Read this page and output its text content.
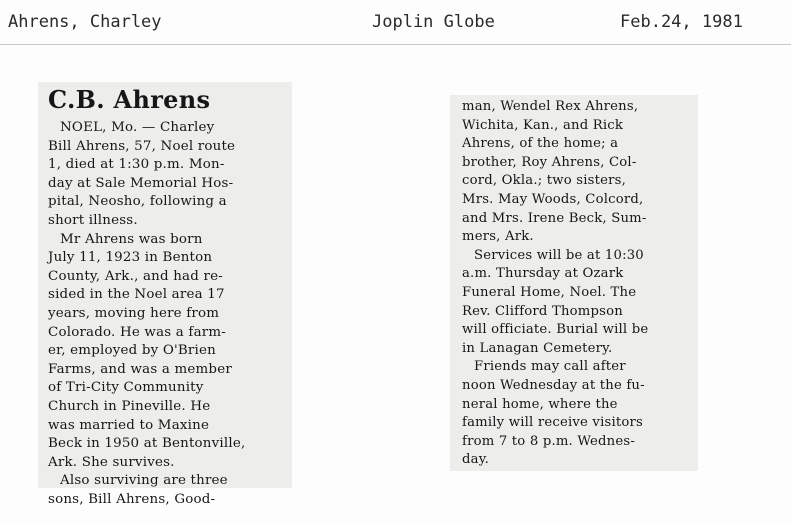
Ahrens, Charley	Joplin Globe	Feb.24, 1981
C.B. Ahrens
NOEL, Mo. — Charley
Bill Ahrens, 57, Noel route
1, died at 1:30 p.m. Mon-
day at Sale Memorial Hos-
pital, Neosho, following a
short illness.
Mr Ahrens was born
July 11, 1923 in Benton
County, Ark., and had re-
sided in the Noel area 17
years, moving here from
Colorado. He was a farm-
er, employed by O'Brien
Farms, and was a member
of Tri-City Community
Church in Pineville. He
was married to Maxine
Beck in 1950 at Bentonville,
Ark. She survives.
Also surviving are three
sons, Bill Ahrens, Good-
man, Wendel Rex Ahrens,
Wichita, Kan., and Rick
Ahrens, of the home; a
brother, Roy Ahrens, Col-
cord, Okla.; two sisters,
Mrs. May Woods, Colcord,
and Mrs. Irene Beck, Sum-
mers, Ark.
Services will be at 10:30
a.m. Thursday at Ozark
Funeral Home, Noel. The
Rev. Clifford Thompson
will officiate. Burial will be
in Lanagan Cemetery.
Friends may call after
noon Wednesday at the fu-
neral home, where the
family will receive visitors
from 7 to 8 p.m. Wednes-
day.
